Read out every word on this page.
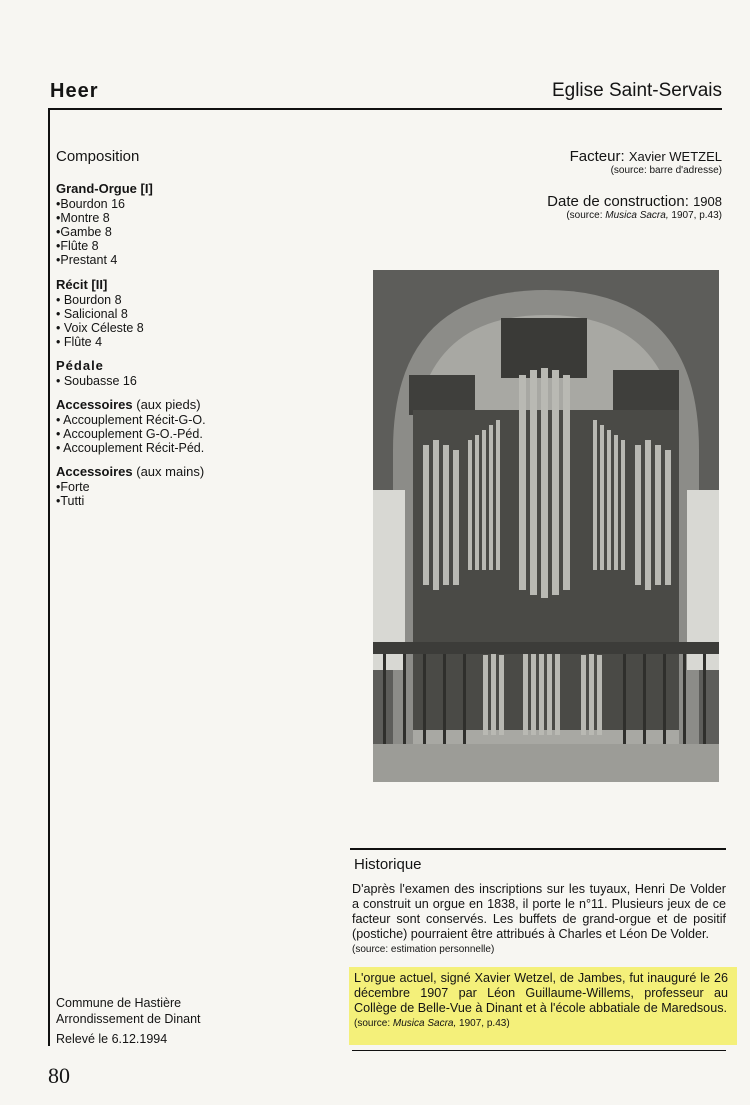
Heer	Eglise Saint-Servais
Composition
Grand-Orgue [I]
•Bourdon 16
•Montre 8
•Gambe 8
•Flûte 8
•Prestant 4
Récit [II]
• Bourdon 8
• Salicional 8
• Voix Céleste 8
• Flûte 4
Pédale
• Soubasse 16
Accessoires (aux pieds)
• Accouplement Récit-G-O.
• Accouplement G-O.-Péd.
• Accouplement Récit-Péd.
Accessoires (aux mains)
•Forte
•Tutti
Facteur: Xavier WETZEL
(source: barre d'adresse)
Date de construction: 1908
(source: Musica Sacra, 1907, p.43)
Historique
D'après l'examen des inscriptions sur les tuyaux, Henri De Volder a construit un orgue en 1838, il porte le n°11. Plusieurs jeux de ce facteur sont conservés. Les buffets de grand-orgue et de positif (postiche) pourraient être attribués à Charles et Léon De Volder.
(source: estimation personnelle)
L'orgue actuel, signé Xavier Wetzel, de Jambes, fut inauguré le 26 décembre 1907 par Léon Guillaume-Willems, professeur au Collège de Belle-Vue à Dinant et à l'école abbatiale de Maredsous.
(source: Musica Sacra, 1907, p.43)
Commune de Hastière
Arrondissement de Dinant
Relevé le 6.12.1994
80
